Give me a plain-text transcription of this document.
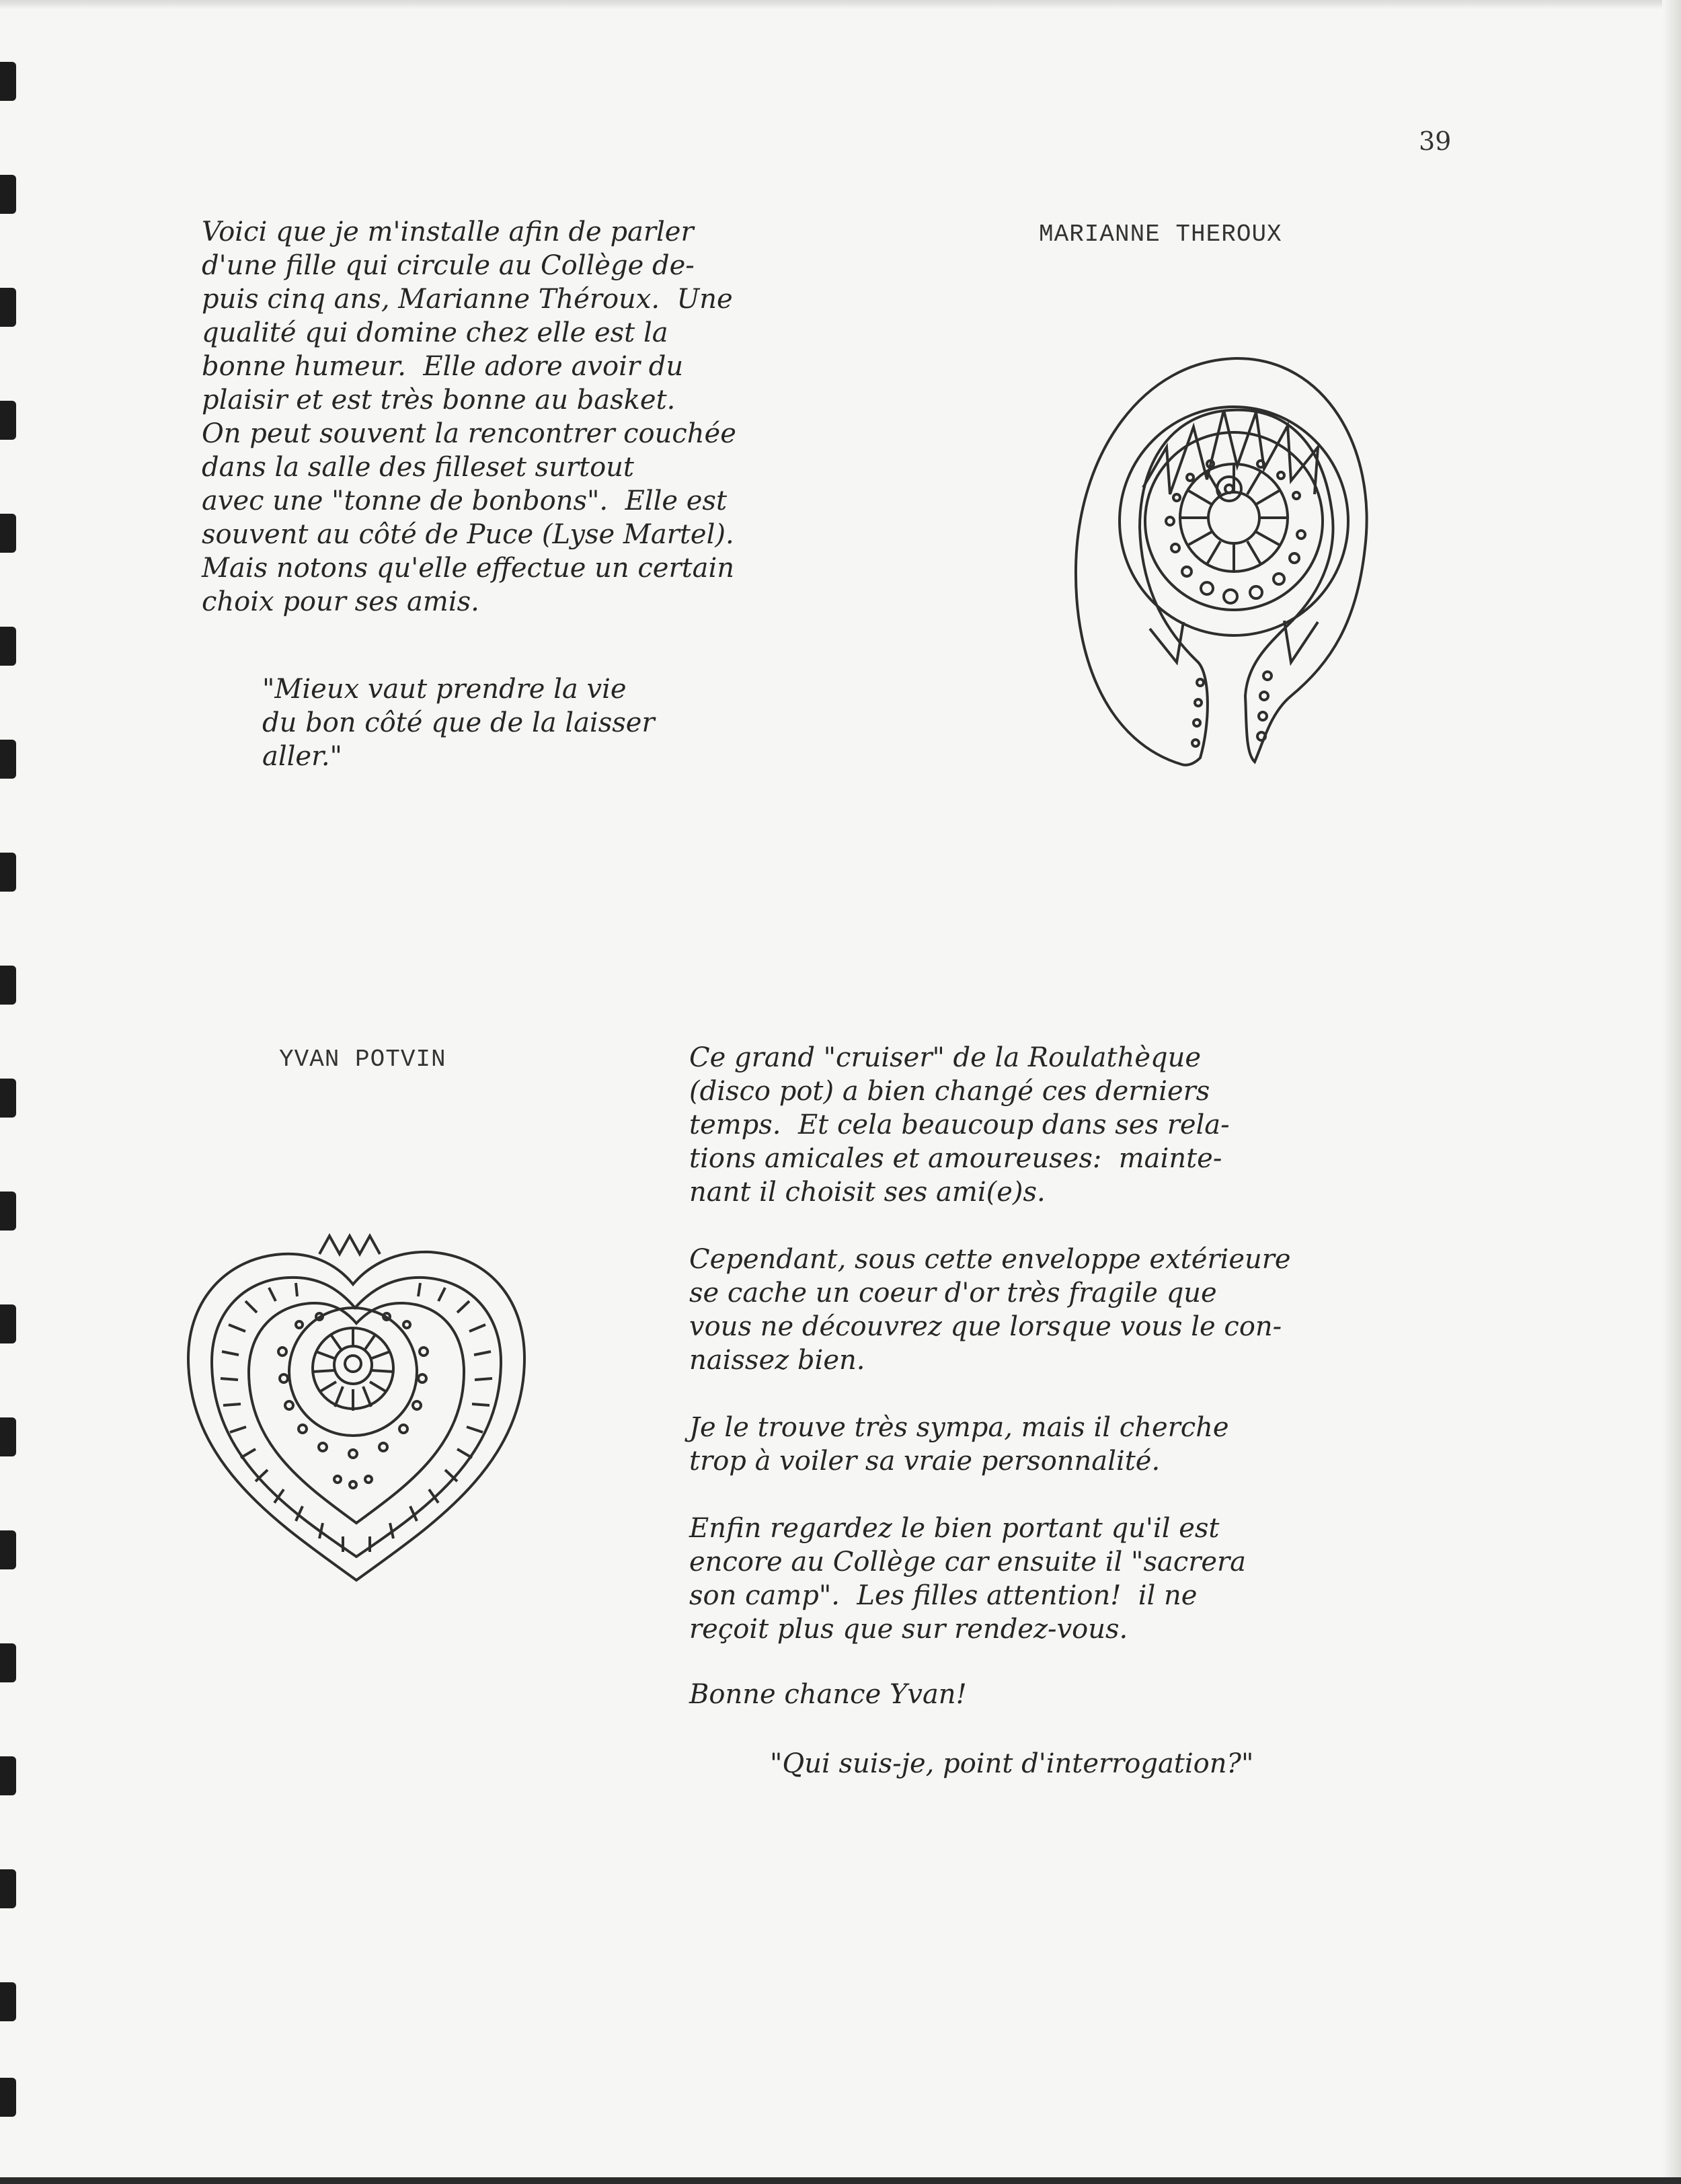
39
MARIANNE THEROUX

Voici que je m'installe afin de parler
d'une fille qui circule au Collège de-
puis cinq ans, Marianne Théroux.  Une
qualité qui domine chez elle est la
bonne humeur.  Elle adore avoir du
plaisir et est très bonne au basket.
On peut souvent la rencontrer couchée
dans la salle des filleset surtout
avec une "tonne de bonbons".  Elle est
souvent au côté de Puce (Lyse Martel).
Mais notons qu'elle effectue un certain
choix pour ses amis.

"Mieux vaut prendre la vie
du bon côté que de la laisser
aller."

YVAN POTVIN	Ce grand "cruiser" de la Roulathèque
(disco pot) a bien changé ces derniers
temps.  Et cela beaucoup dans ses rela-
tions amicales et amoureuses:  mainte-
nant il choisit ses ami(e)s.

Cependant, sous cette enveloppe extérieure
se cache un coeur d'or très fragile que
vous ne découvrez que lorsque vous le con-
naissez bien.

Je le trouve très sympa, mais il cherche
trop à voiler sa vraie personnalité.

Enfin regardez le bien portant qu'il est
encore au Collège car ensuite il "sacrera
son camp".  Les filles attention!  il ne
reçoit plus que sur rendez-vous.

Bonne chance Yvan!

"Qui suis-je, point d'interrogation?"
